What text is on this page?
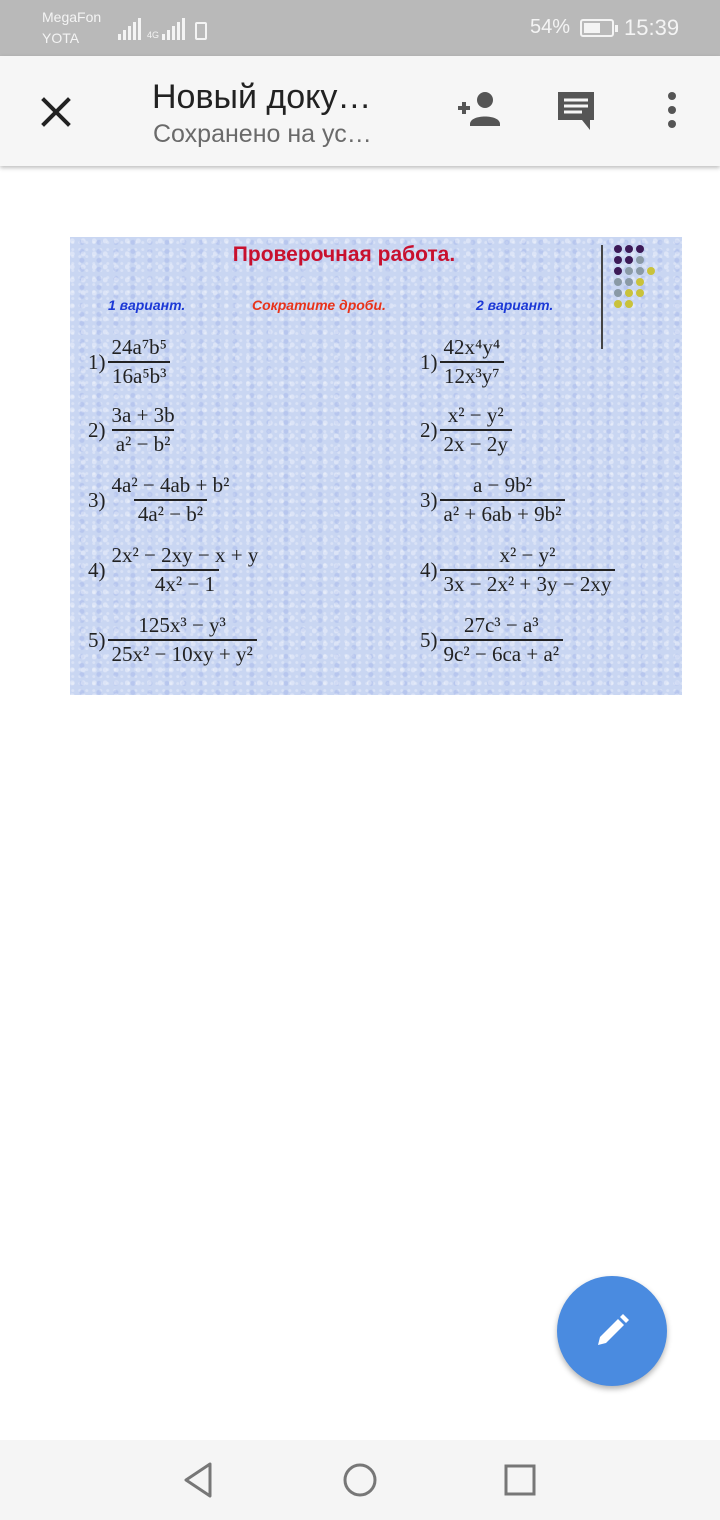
MegaFon
YOTA	4G	54% 15:39
Новый доку…
Сохранено на ус…
Проверочная работа.
1 вариант.	Сократите дроби.	2 вариант.
$1) \frac{\text{24a⁷b⁵}}{\text{16a⁵b³}}$
$2) \frac{3a + 3b}{\text{a² − b²}}$
$3) \frac{\text{4a² − 4ab + b²}}{\text{4a² − b²}}$
$4) \frac{\text{2x² − 2xy − x + y}}{\text{4x² − 1}}$
$5) \frac{\text{125x³ − y³}}{\text{25x² − 10xy + y²}}$
$1) \frac{\text{42x⁴y⁴}}{\text{12x³y⁷}}$
$2) \frac{\text{x² − y²}}{2x - 2y}$
$3) \frac{\text{a − 9b²}}{\text{a² + 6ab + 9b²}}$
$4) \frac{\text{x² − y²}}{\text{3x − 2x² + 3y − 2xy}}$
$5) \frac{\text{27c³ − a³}}{\text{9c² − 6ca + a²}}$
